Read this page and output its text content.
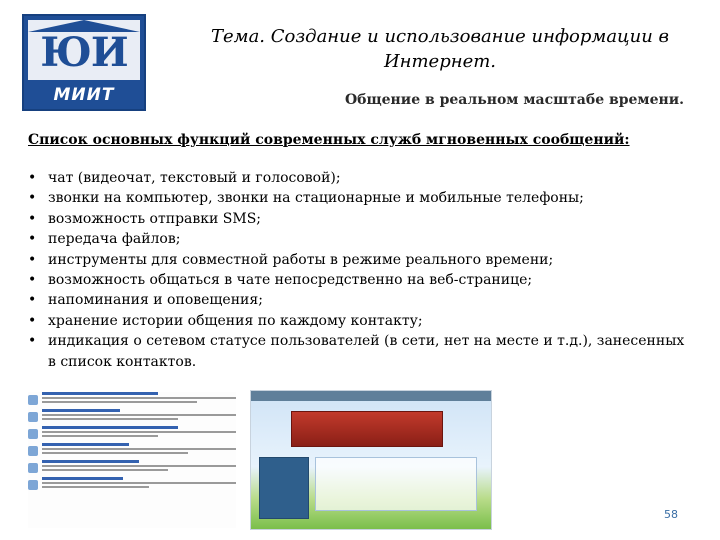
ЮИ
МИИТ
Тема. Создание и использование информации в Интернет.
Общение в реальном масштабе времени.
Список основных функций современных служб мгновенных сообщений:
• чат (видеочат, текстовый и голосовой);
• звонки на компьютер, звонки на стационарные и мобильные телефоны;
• возможность отправки SMS;
• передача файлов;
• инструменты для совместной работы в режиме реального времени;
• возможность общаться в чате непосредственно на веб-странице;
• напоминания и оповещения;
• хранение истории общения по каждому контакту;
• индикация о сетевом статусе пользователей (в сети, нет на месте и т.д.), занесенных в список контактов.
58
